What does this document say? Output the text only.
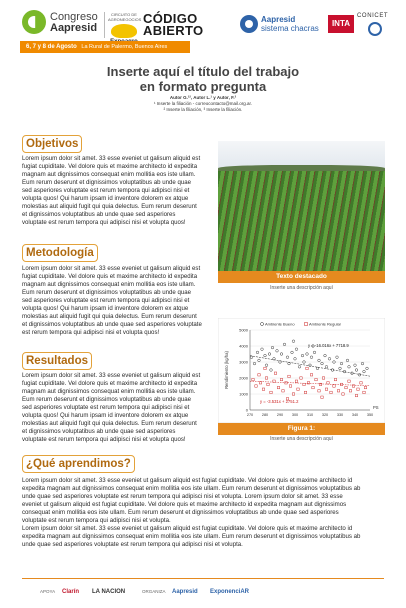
Congreso
Aapresid
CIRCUITO DE AGRONEGOCIOS CÓDIGO
ABIERTO
6, 7 y 8 de Agosto La Rural de Palermo, Buenos Aires
Aapresid
sistema chacras
INTA
CONICET
Inserte aquí el título del trabajo
en formato pregunta
Autor G.¹², Autor L.¹ y Autor, F.²
¹ Inserte la filiación - correocontacto@mail.org.ar.
² Inserte la filiación, ³ Inserte la filiación.
Objetivos
Lorem ipsum dolor sit amet. 33 esse eveniet ut galisum aliquid est
fugiat cupiditate. Vel dolore quis et maxime architecto id expedita
magnam aut dignissimos consequat enim mollitia eos iste ullam.
Eum rerum deserunt et dignissimos voluptatibus ab unde quae
sed asperiores voluptate est rerum tempora qui adipisci nisi et
volupta quos! Qui harum ipsam id inventore dolorem ex atque
molestias aut aliquid fugit qui quia delectus. Eum rerum deserunt
et dignissimos voluptatibus ab unde quae sed asperiores
voluptate est rerum tempora qui adipisci nisi et volupta quos!
Texto destacado
Inserte una descripción aquí
Metodología
Lorem ipsum dolor sit amet. 33 esse eveniet ut galisum aliquid est
fugiat cupiditate. Vel dolore quis et maxime architecto id expedita
magnam aut dignissimos consequat enim mollitia eos iste ullam.
Eum rerum deserunt et dignissimos voluptatibus ab unde quae
sed asperiores voluptate est rerum tempora qui adipisci nisi et
volupta quos! Qui harum ipsam id inventore dolorem ex atque
molestias aut aliquid fugit qui quia delectus. Eum rerum deserunt
et dignissimos voluptatibus ab unde quae sed asperiores voluptate
est rerum tempora qui adipisci nisi et volupta quos!
Resultados
Lorem ipsum dolor sit amet. 33 esse eveniet ut galisum aliquid est
fugiat cupiditate. Vel dolore quis et maxime architecto id expedita
magnam aut dignissimos consequat enim mollitia eos iste ullam.
Eum rerum deserunt et dignissimos voluptatibus ab unde quae
sed asperiores voluptate est rerum tempora qui adipisci nisi et
volupta quos! Qui harum ipsam id inventore dolorem ex atque
molestias aut aliquid fugit qui quia delectus. Eum rerum deserunt
et dignissimos voluptatibus ab unde quae sed asperiores
voluptate est rerum tempora qui adipisci nisi et volupta quos!
0
1000
2000
3000
4000
5000
270 280 290 300 310 320 330 340 350
PS
Rendimiento (kg/ha)
Ambiente Bueno	Ambiente Regular
y = -16.016x + 7718.9
y = -3.531x + 2751.2
Figura 1:
Inserte una descripción aquí
¿Qué aprendimos?
Lorem ipsum dolor sit amet. 33 esse eveniet ut galisum aliquid est fugiat cupiditate. Vel dolore quis et maxime architecto id
expedita magnam aut dignissimos consequat enim mollitia eos iste ullam. Eum rerum deserunt et dignissimos voluptatibus ab
unde quae sed asperiores voluptate est rerum tempora qui adipisci nisi et volupta. Lorem ipsum dolor sit amet. 33 esse
eveniet ut galisum aliquid est fugiat cupiditate. Vel dolore quis et maxime architecto id expedita magnam aut dignissimos
consequat enim mollitia eos iste ullam. Eum rerum deserunt et dignissimos voluptatibus ab unde quae sed asperiores
voluptate est rerum tempora qui adipisci nisi et volupta.
Lorem ipsum dolor sit amet. 33 esse eveniet ut galisum aliquid est fugiat cupiditate. Vel dolore quis et maxime architecto id
expedita magnam aut dignissimos consequat enim mollitia eos iste ullam. Eum rerum deserunt et dignissimos voluptatibus ab
unde quae sed asperiores voluptate est rerum tempora qui adipisci nisi et volupta.
APOYA Clarín LA NACION	ORGANIZA Aapresid ExponenciAR
